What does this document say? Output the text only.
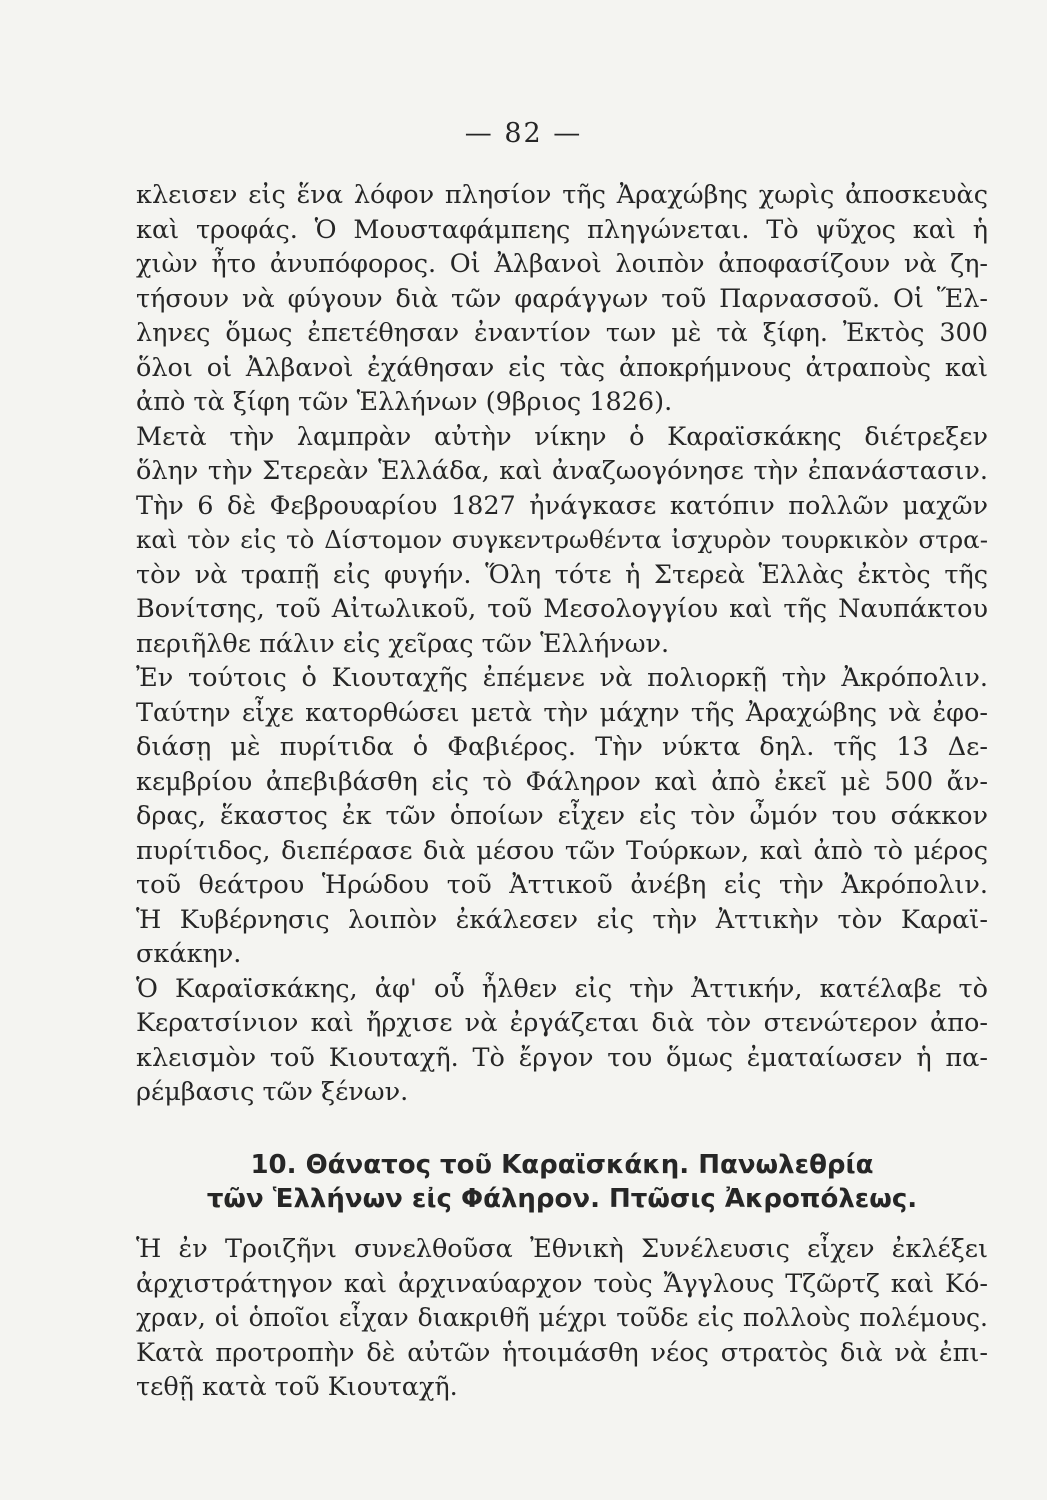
— 82 —
κλεισεν εἰς ἕνα λόφον πλησίον τῆς Ἀραχώβης χωρὶς ἀποσκευὰς
καὶ τροφάς. Ὁ Μουσταφάμπεης πληγώνεται. Τὸ ψῦχος καὶ ἡ
χιὼν ἦτο ἀνυπόφορος. Οἱ Ἀλβανοὶ λοιπὸν ἀποφασίζουν νὰ ζη-
τήσουν νὰ φύγουν διὰ τῶν φαράγγων τοῦ Παρνασσοῦ. Οἱ Ἕλ-
ληνες ὅμως ἐπετέθησαν ἐναντίον των μὲ τὰ ξίφη. Ἐκτὸς 300
ὅλοι οἱ Ἀλβανοὶ ἐχάθησαν εἰς τὰς ἀποκρήμνους ἀτραποὺς καὶ
ἀπὸ τὰ ξίφη τῶν Ἑλλήνων (9βριος 1826).
Μετὰ τὴν λαμπρὰν αὐτὴν νίκην ὁ Καραϊσκάκης διέτρεξεν
ὅλην τὴν Στερεὰν Ἑλλάδα, καὶ ἀναζωογόνησε τὴν ἐπανάστασιν.
Τὴν 6 δὲ Φεβρουαρίου 1827 ἠνάγκασε κατόπιν πολλῶν μαχῶν
καὶ τὸν εἰς τὸ Δίστομον συγκεντρωθέντα ἰσχυρὸν τουρκικὸν στρα-
τὸν νὰ τραπῇ εἰς φυγήν. Ὅλη τότε ἡ Στερεὰ Ἑλλὰς ἐκτὸς τῆς
Βονίτσης, τοῦ Αἰτωλικοῦ, τοῦ Μεσολογγίου καὶ τῆς Ναυπάκτου
περιῆλθε πάλιν εἰς χεῖρας τῶν Ἑλλήνων.
Ἐν τούτοις ὁ Κιουταχῆς ἐπέμενε νὰ πολιορκῇ τὴν Ἀκρόπολιν.
Ταύτην εἶχε κατορθώσει μετὰ τὴν μάχην τῆς Ἀραχώβης νὰ ἐφο-
διάσῃ μὲ πυρίτιδα ὁ Φαβιέρος. Τὴν νύκτα δηλ. τῆς 13 Δε-
κεμβρίου ἀπεβιβάσθη εἰς τὸ Φάληρον καὶ ἀπὸ ἐκεῖ μὲ 500 ἄν-
δρας, ἕκαστος ἐκ τῶν ὁποίων εἶχεν εἰς τὸν ὦμόν του σάκκον
πυρίτιδος, διεπέρασε διὰ μέσου τῶν Τούρκων, καὶ ἀπὸ τὸ μέρος
τοῦ θεάτρου Ἡρώδου τοῦ Ἀττικοῦ ἀνέβη εἰς τὴν Ἀκρόπολιν.
Ἡ Κυβέρνησις λοιπὸν ἐκάλεσεν εἰς τὴν Ἀττικὴν τὸν Καραϊ-
σκάκην.
Ὁ Καραϊσκάκης, ἀφ' οὗ ἦλθεν εἰς τὴν Ἀττικήν, κατέλαβε τὸ
Κερατσίνιον καὶ ἤρχισε νὰ ἐργάζεται διὰ τὸν στενώτερον ἀπο-
κλεισμὸν τοῦ Κιουταχῆ. Τὸ ἔργον του ὅμως ἐματαίωσεν ἡ πα-
ρέμβασις τῶν ξένων.
10. Θάνατος τοῦ Καραϊσκάκη. Πανωλεθρία
τῶν Ἑλλήνων εἰς Φάληρον. Πτῶσις Ἀκροπόλεως.
Ἡ ἐν Τροιζῆνι συνελθοῦσα Ἐθνικὴ Συνέλευσις εἶχεν ἐκλέξει
ἀρχιστράτηγον καὶ ἀρχιναύαρχον τοὺς Ἄγγλους Τζῶρτζ καὶ Κό-
χραν, οἱ ὁποῖοι εἶχαν διακριθῆ μέχρι τοῦδε εἰς πολλοὺς πολέμους.
Κατὰ προτροπὴν δὲ αὐτῶν ἡτοιμάσθη νέος στρατὸς διὰ νὰ ἐπι-
τεθῇ κατὰ τοῦ Κιουταχῆ.
